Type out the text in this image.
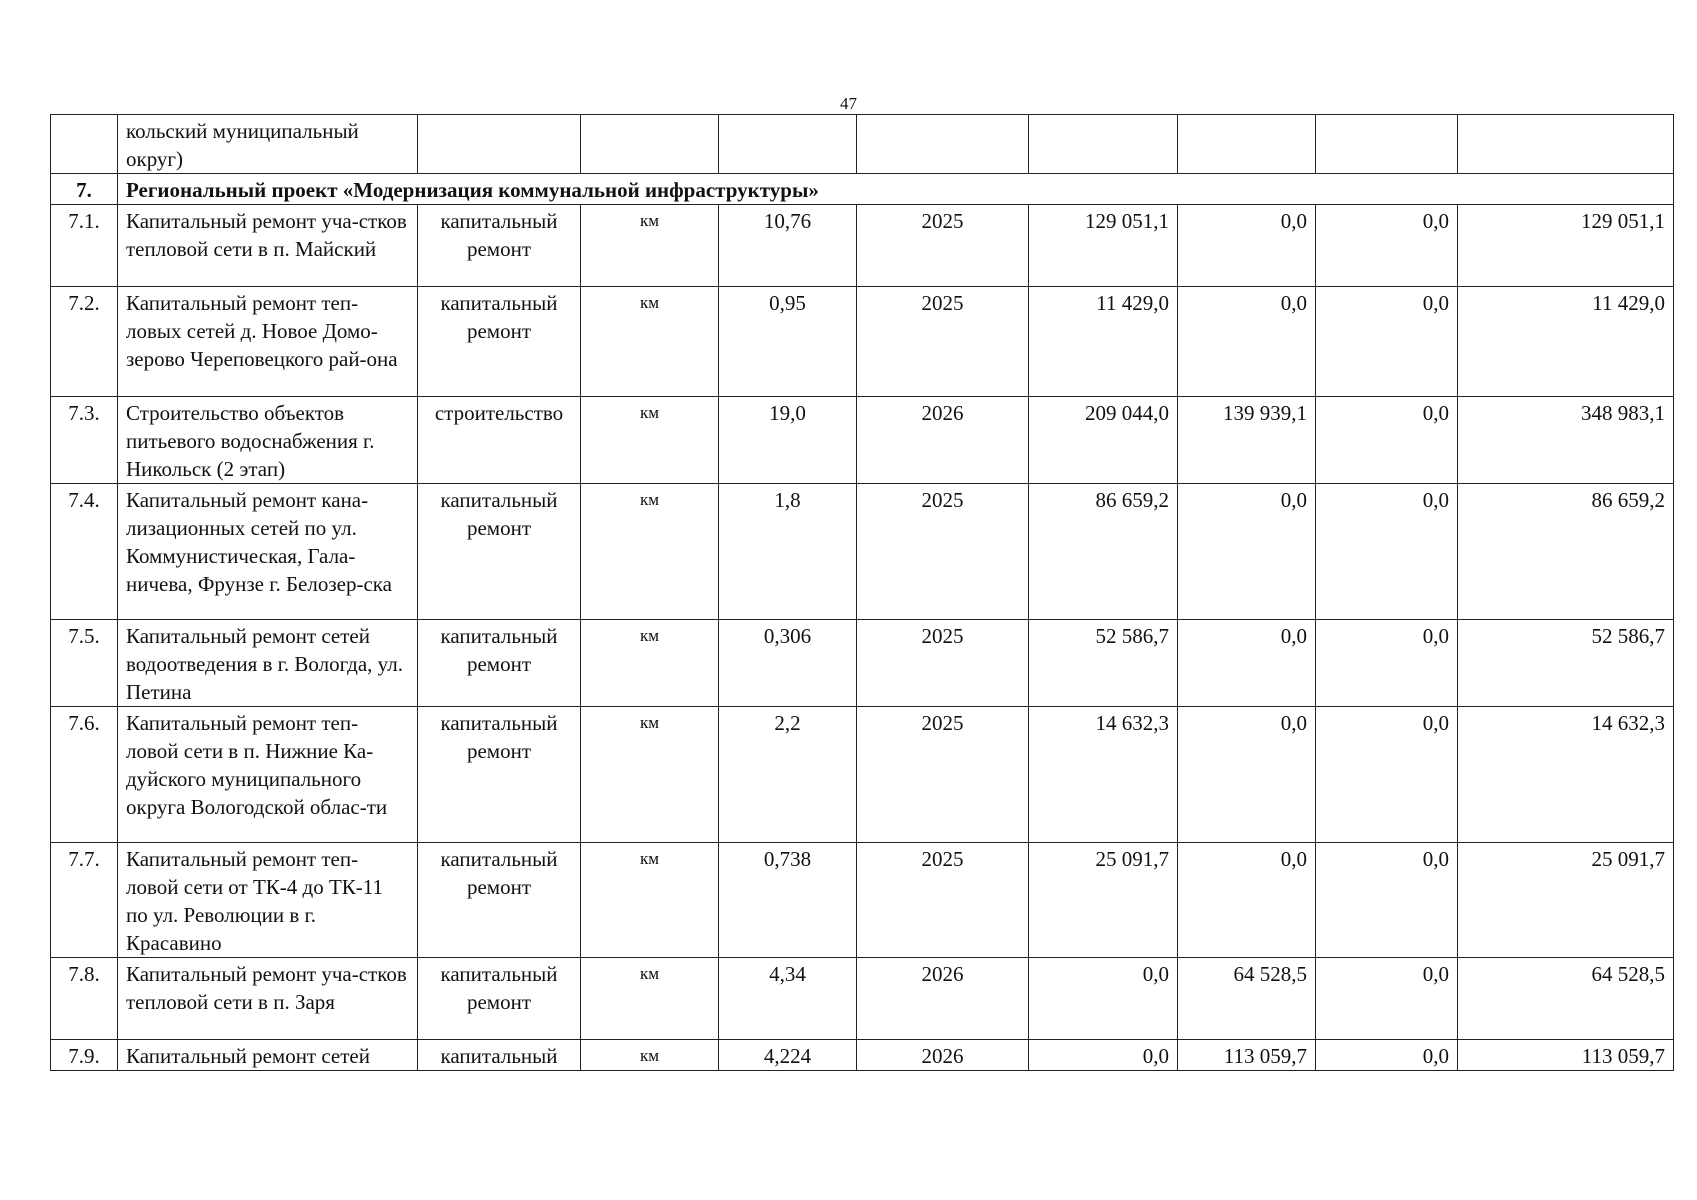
47
	кольский муниципальный округ)								
7.	Региональный проект «Модернизация коммунальной инфраструктуры»								
7.1.	Капитальный ремонт уча-стков тепловой сети в п. Майский	капитальный ремонт	км	10,76	2025	129 051,1	0,0	0,0	129 051,1
7.2.	Капитальный ремонт теп-ловых сетей д. Новое Домо-зерово Череповецкого рай-она	капитальный ремонт	км	0,95	2025	11 429,0	0,0	0,0	11 429,0
7.3.	Строительство объектов питьевого водоснабжения г. Никольск (2 этап)	строительство	км	19,0	2026	209 044,0	139 939,1	0,0	348 983,1
7.4.	Капитальный ремонт кана-лизационных сетей по ул. Коммунистическая, Гала-ничева, Фрунзе г. Белозер-ска	капитальный ремонт	км	1,8	2025	86 659,2	0,0	0,0	86 659,2
7.5.	Капитальный ремонт сетей водоотведения в г. Вологда, ул. Петина	капитальный ремонт	км	0,306	2025	52 586,7	0,0	0,0	52 586,7
7.6.	Капитальный ремонт теп-ловой сети в п. Нижние Ка-дуйского муниципального округа Вологодской облас-ти	капитальный ремонт	км	2,2	2025	14 632,3	0,0	0,0	14 632,3
7.7.	Капитальный ремонт теп-ловой сети от ТК-4 до ТК-11 по ул. Революции в г. Красавино	капитальный ремонт	км	0,738	2025	25 091,7	0,0	0,0	25 091,7
7.8.	Капитальный ремонт уча-стков тепловой сети в п. Заря	капитальный ремонт	км	4,34	2026	0,0	64 528,5	0,0	64 528,5
7.9.	Капитальный ремонт сетей	капитальный	км	4,224	2026	0,0	113 059,7	0,0	113 059,7
